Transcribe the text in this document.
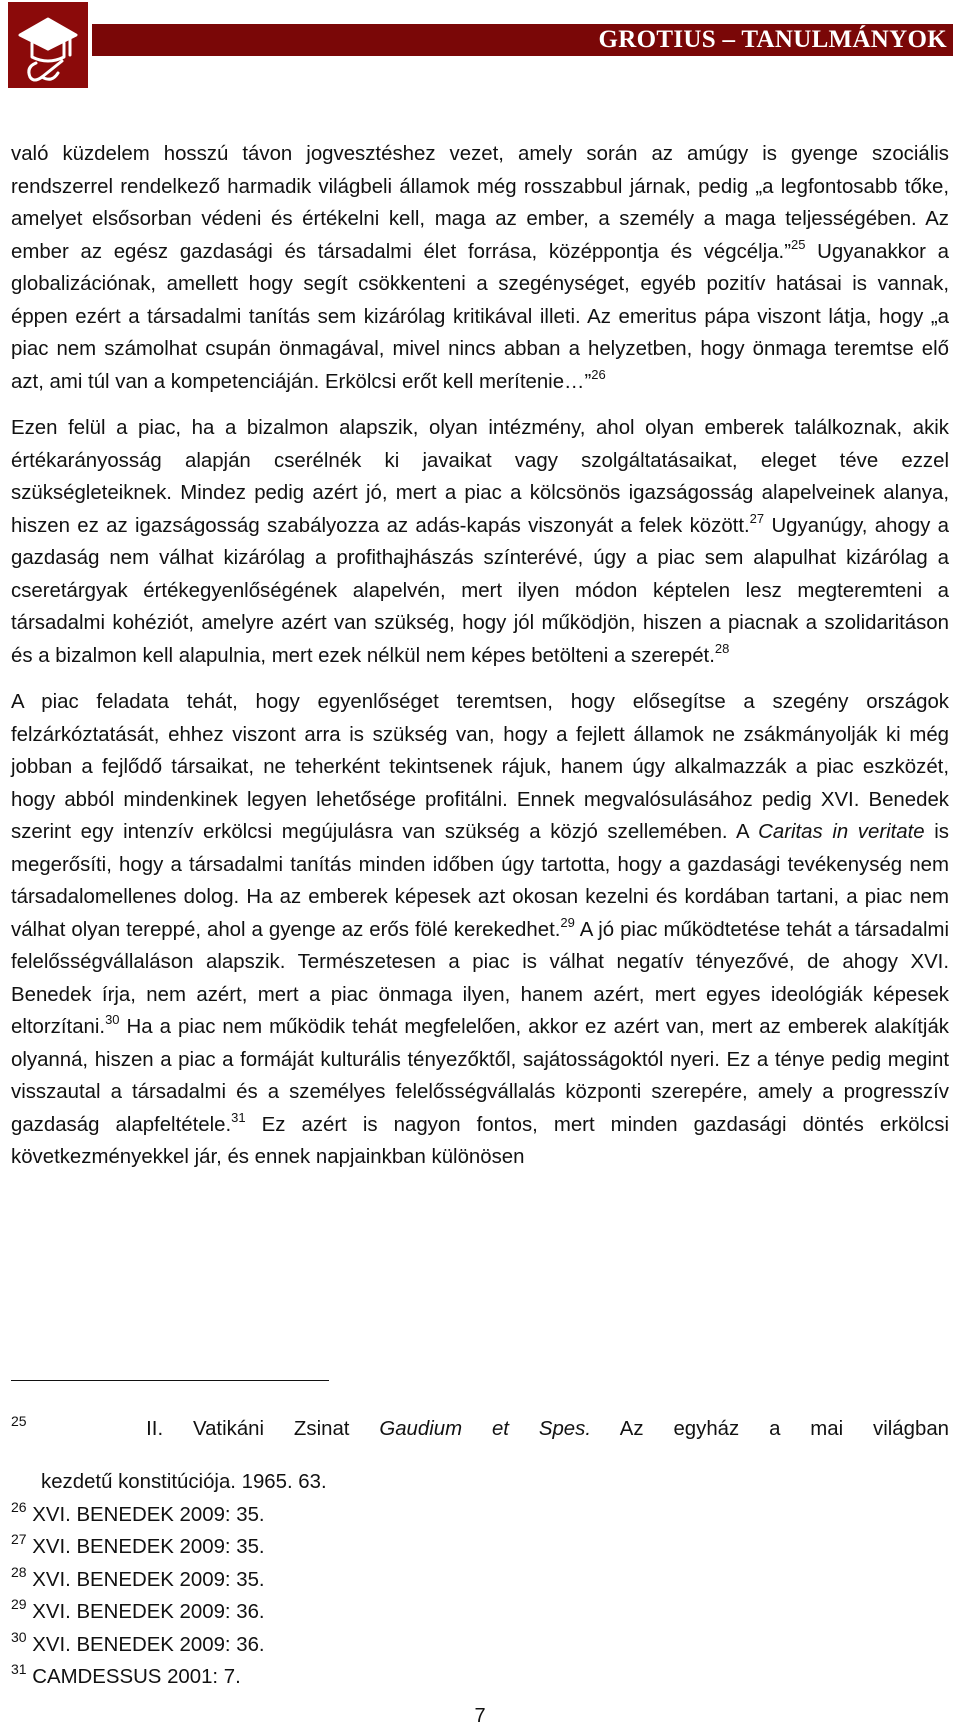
GROTIUS – TANULMÁNYOK

való küzdelem hosszú távon jogvesztéshez vezet, amely során az amúgy is gyenge szociális rendszerrel rendelkező harmadik világbeli államok még rosszabbul járnak, pedig „a legfontosabb tőke, amelyet elsősorban védeni és értékelni kell, maga az ember, a személy a maga teljességében. Az ember az egész gazdasági és társadalmi élet forrása, középpontja és végcélja.”$^{25}$ Ugyanakkor a globalizációnak, amellett hogy segít csökkenteni a szegénységet, egyéb pozitív hatásai is vannak, éppen ezért a társadalmi tanítás sem kizárólag kritikával illeti. Az emeritus pápa viszont látja, hogy „a piac nem számolhat csupán önmagával, mivel nincs abban a helyzetben, hogy önmaga teremtse elő azt, ami túl van a kompetenciáján. Erkölcsi erőt kell merítenie…”$^{26}$

Ezen felül a piac, ha a bizalmon alapszik, olyan intézmény, ahol olyan emberek találkoznak, akik értékarányosság alapján cserélnék ki javaikat vagy szolgáltatásaikat, eleget téve ezzel szükségleteiknek. Mindez pedig azért jó, mert a piac a kölcsönös igazságosság alapelveinek alanya, hiszen ez az igazságosság szabályozza az adás-kapás viszonyát a felek között.$^{27}$ Ugyanúgy, ahogy a gazdaság nem válhat kizárólag a profithajhászás színterévé, úgy a piac sem alapulhat kizárólag a cseretárgyak értékegyenlőségének alapelvén, mert ilyen módon képtelen lesz megteremteni a társadalmi kohéziót, amelyre azért van szükség, hogy jól működjön, hiszen a piacnak a szolidaritáson és a bizalmon kell alapulnia, mert ezek nélkül nem képes betölteni a szerepét.$^{28}$

A piac feladata tehát, hogy egyenlőséget teremtsen, hogy elősegítse a szegény országok felzárkóztatását, ehhez viszont arra is szükség van, hogy a fejlett államok ne zsákmányolják ki még jobban a fejlődő társaikat, ne teherként tekintsenek rájuk, hanem úgy alkalmazzák a piac eszközét, hogy abból mindenkinek legyen lehetősége profitálni. Ennek megvalósulásához pedig XVI. Benedek szerint egy intenzív erkölcsi megújulásra van szükség a közjó szellemében. A Caritas in veritate is megerősíti, hogy a társadalmi tanítás minden időben úgy tartotta, hogy a gazdasági tevékenység nem társadalomellenes dolog. Ha az emberek képesek azt okosan kezelni és kordában tartani, a piac nem válhat olyan tereppé, ahol a gyenge az erős fölé kerekedhet.$^{29}$ A jó piac működtetése tehát a társadalmi felelősségvállaláson alapszik. Természetesen a piac is válhat negatív tényezővé, de ahogy XVI. Benedek írja, nem azért, mert a piac önmaga ilyen, hanem azért, mert egyes ideológiák képesek eltorzítani.$^{30}$ Ha a piac nem működik tehát megfelelően, akkor ez azért van, mert az emberek alakítják olyanná, hiszen a piac a formáját kulturális tényezőktől, sajátosságoktól nyeri. Ez a ténye pedig megint visszautal a társadalmi és a személyes felelősségvállalás központi szerepére, amely a progresszív gazdaság alapfeltétele.$^{31}$ Ez azért is nagyon fontos, mert minden gazdasági döntés erkölcsi következményekkel jár, és ennek napjainkban különösen

$^{25}$	II. Vatikáni Zsinat Gaudium et Spes. Az egyház a mai világban

kezdetű konstitúciója. 1965. 63.

$^{26}$ XVI. BENEDEK 2009: 35.

$^{27}$ XVI. BENEDEK 2009: 35.

$^{28}$ XVI. BENEDEK 2009: 35.

$^{29}$ XVI. BENEDEK 2009: 36.

$^{30}$ XVI. BENEDEK 2009: 36.

$^{31}$ CAMDESSUS 2001: 7.

7
